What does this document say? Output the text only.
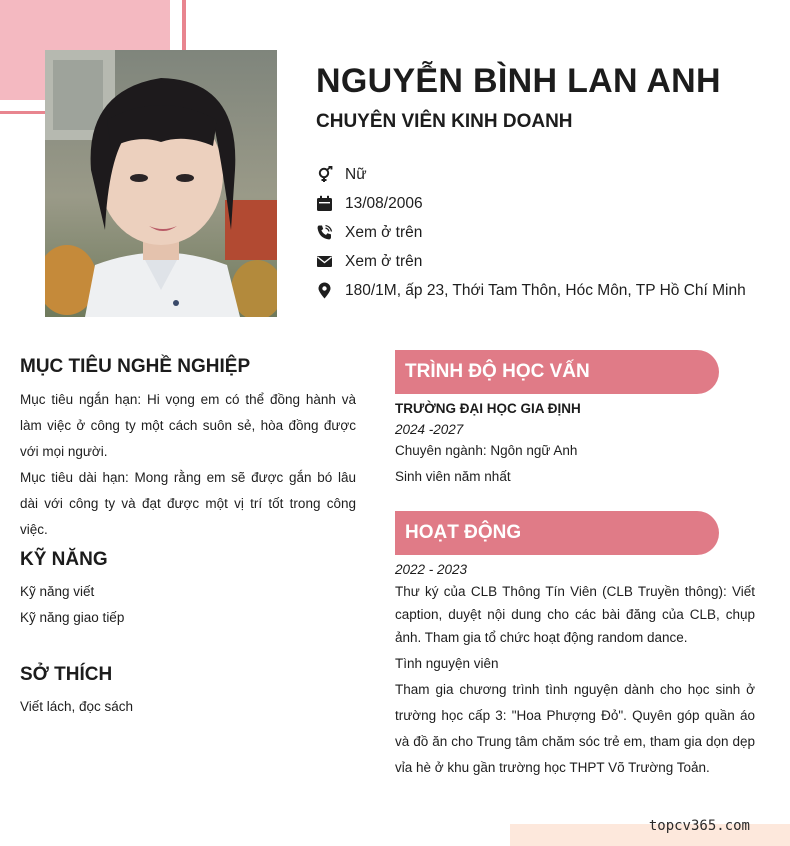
NGUYỄN BÌNH LAN ANH
CHUYÊN VIÊN KINH DOANH
Nữ
13/08/2006
Xem ở trên
Xem ở trên
180/1M, ấp 23, Thới Tam Thôn, Hóc Môn, TP Hồ Chí Minh
MỤC TIÊU NGHỀ NGHIỆP
Mục tiêu ngắn hạn: Hi vọng em có thể đồng hành và làm việc ở công ty một cách suôn sẻ, hòa đồng được với mọi người.
Mục tiêu dài hạn: Mong rằng em sẽ được gắn bó lâu dài với công ty và đạt được một vị trí tốt trong công việc.
KỸ NĂNG
Kỹ năng viết
Kỹ năng giao tiếp
SỞ THÍCH
Viết lách, đọc sách
TRÌNH ĐỘ HỌC VẤN
TRƯỜNG ĐẠI HỌC GIA ĐỊNH
2024 -2027
Chuyên ngành: Ngôn ngữ Anh
Sinh viên năm nhất
HOẠT ĐỘNG
2022 - 2023
Thư ký của CLB Thông Tín Viên (CLB Truyền thông): Viết caption, duyệt nội dung cho các bài đăng của CLB, chụp ảnh. Tham gia tổ chức hoạt động random dance.
Tình nguyện viên
Tham gia chương trình tình nguyện dành cho học sinh ở trường học cấp 3: "Hoa Phượng Đỏ". Quyên góp quần áo và đồ ăn cho Trung tâm chăm sóc trẻ em, tham gia dọn dẹp vỉa hè ở khu gần trường học THPT Võ Trường Toản.
topcv365.com
